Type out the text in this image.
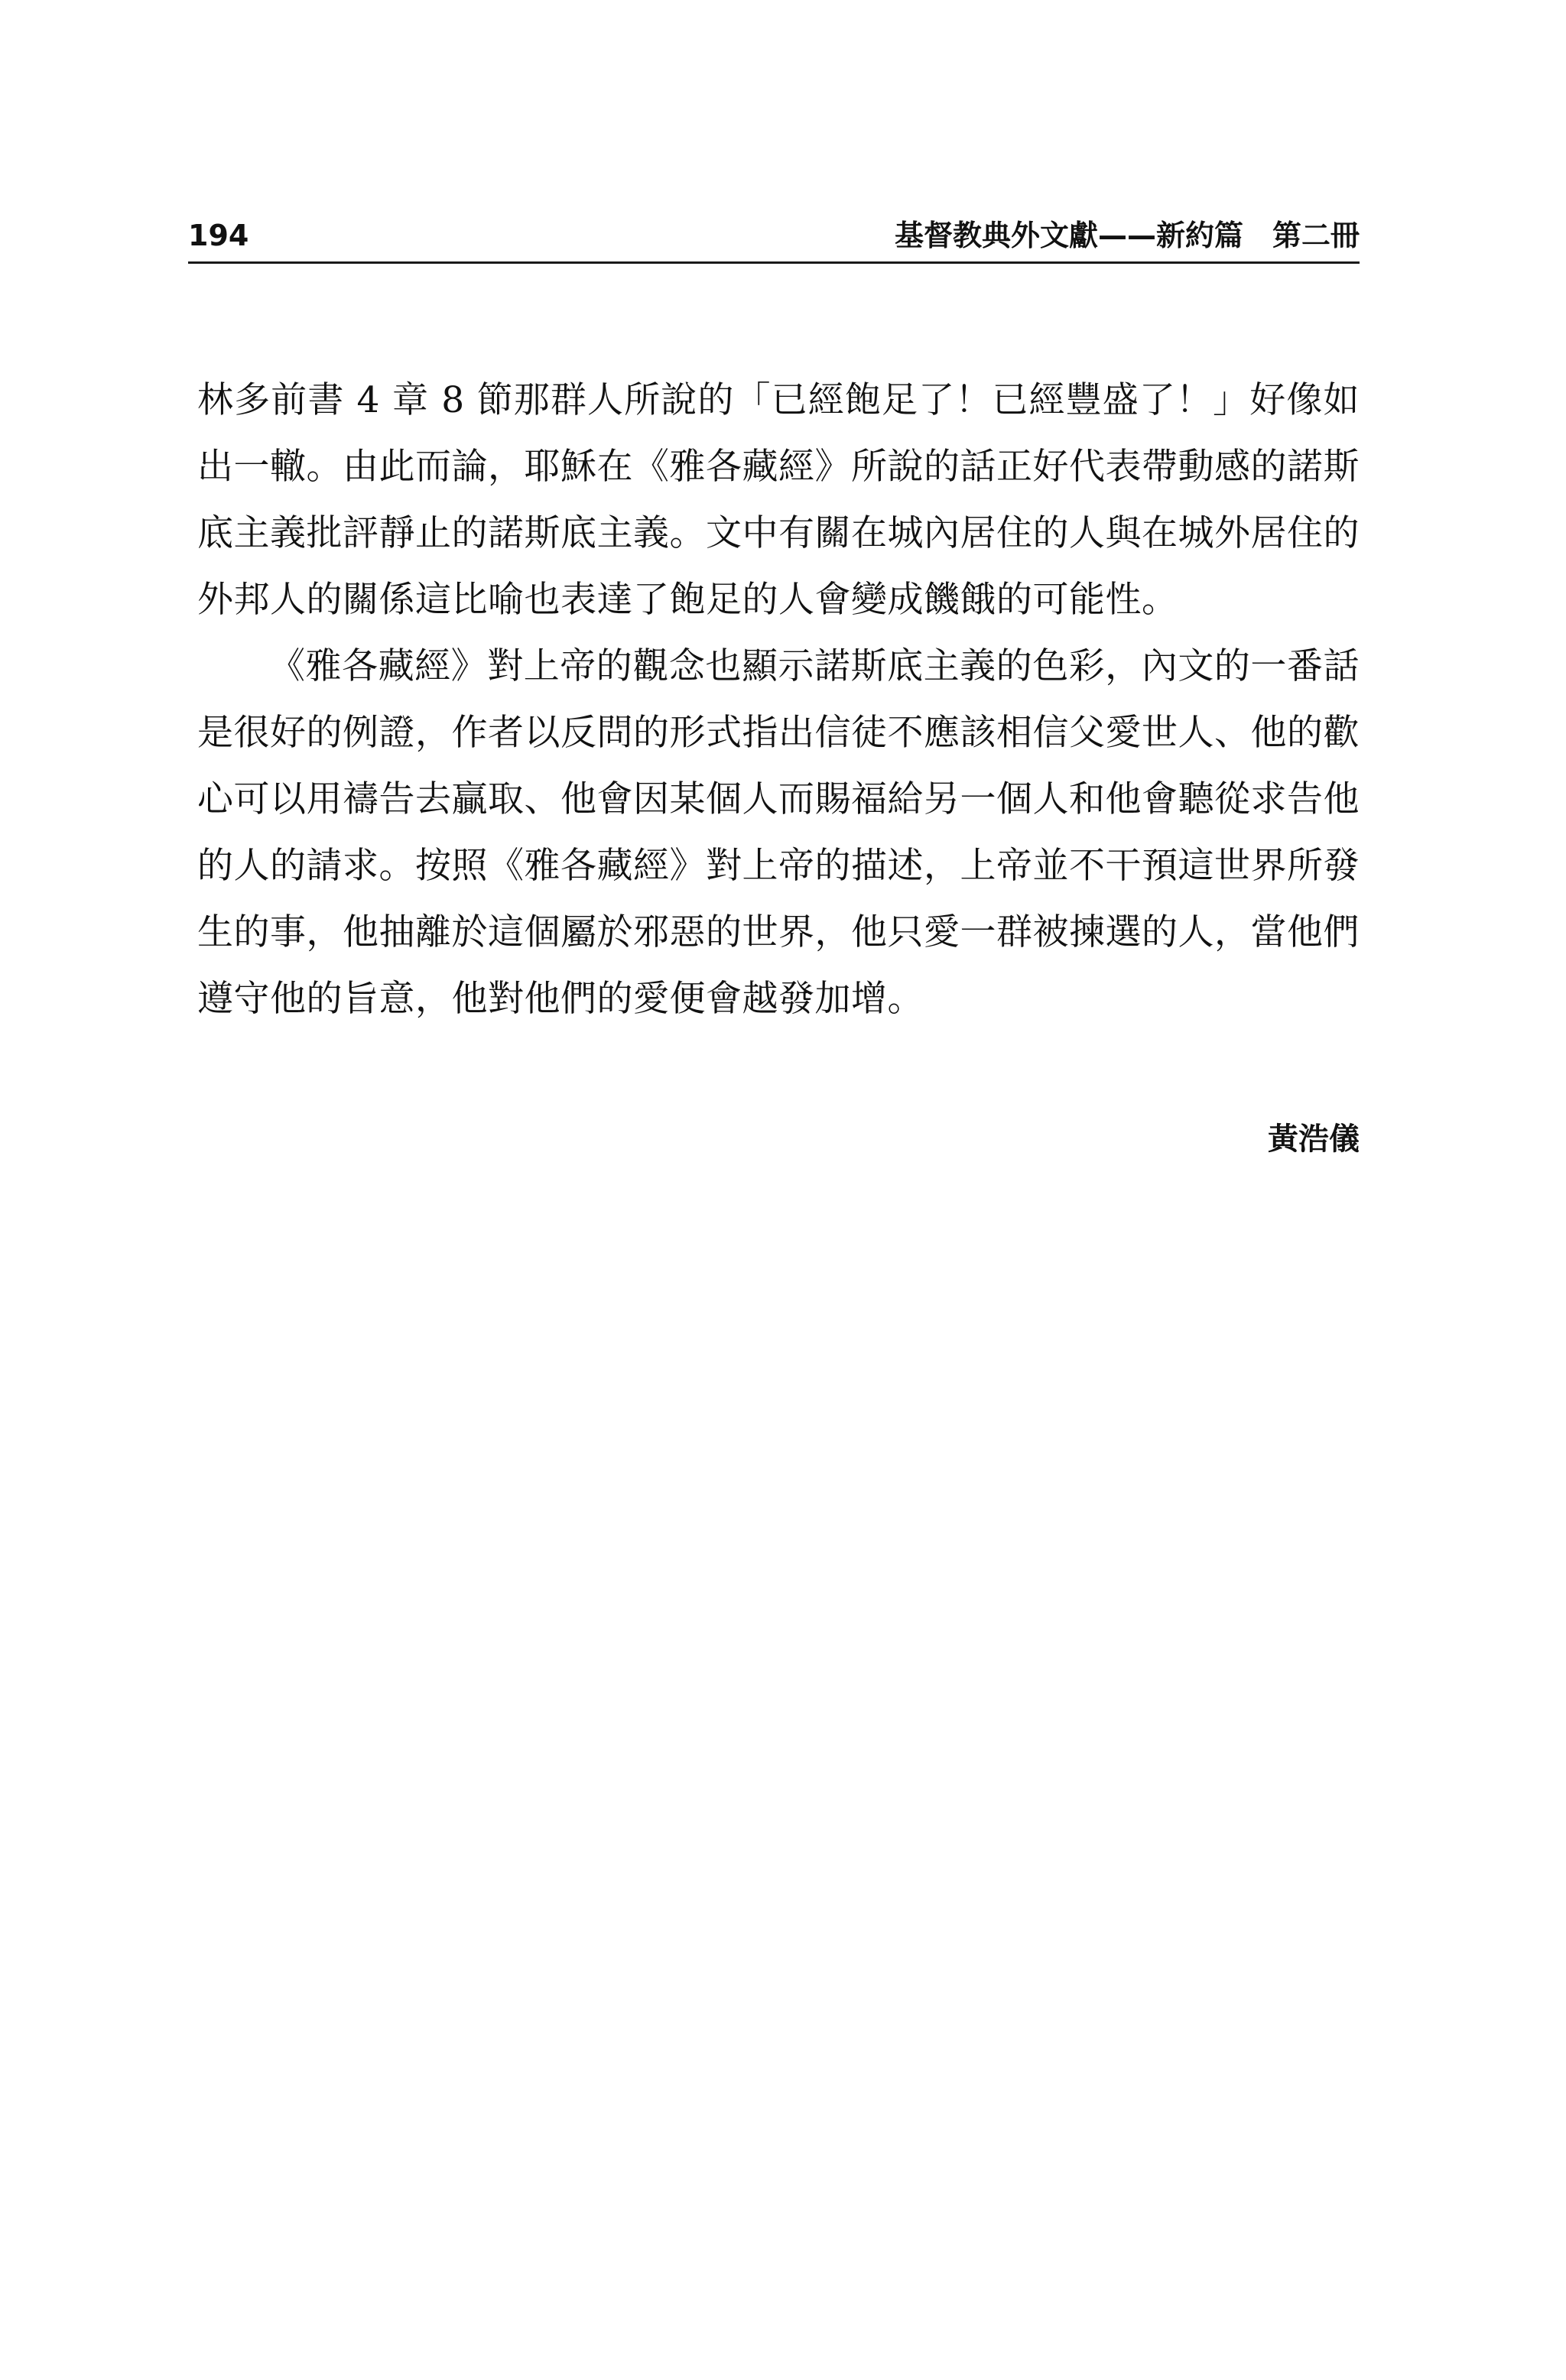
194	基督教典外文獻——新約篇　第二冊

林多前書 4 章 8 節那群人所說的「已經飽足了！已經豐盛了！」好像如出一轍。由此而論，耶穌在《雅各藏經》所說的話正好代表帶動感的諾斯底主義批評靜止的諾斯底主義。文中有關在城內居住的人與在城外居住的外邦人的關係這比喻也表達了飽足的人會變成饑餓的可能性。

《雅各藏經》對上帝的觀念也顯示諾斯底主義的色彩，內文的一番話是很好的例證，作者以反問的形式指出信徒不應該相信父愛世人、他的歡心可以用禱告去贏取、他會因某個人而賜福給另一個人和他會聽從求告他的人的請求。按照《雅各藏經》對上帝的描述，上帝並不干預這世界所發生的事，他抽離於這個屬於邪惡的世界，他只愛一群被揀選的人，當他們遵守他的旨意，他對他們的愛便會越發加增。

黃浩儀
